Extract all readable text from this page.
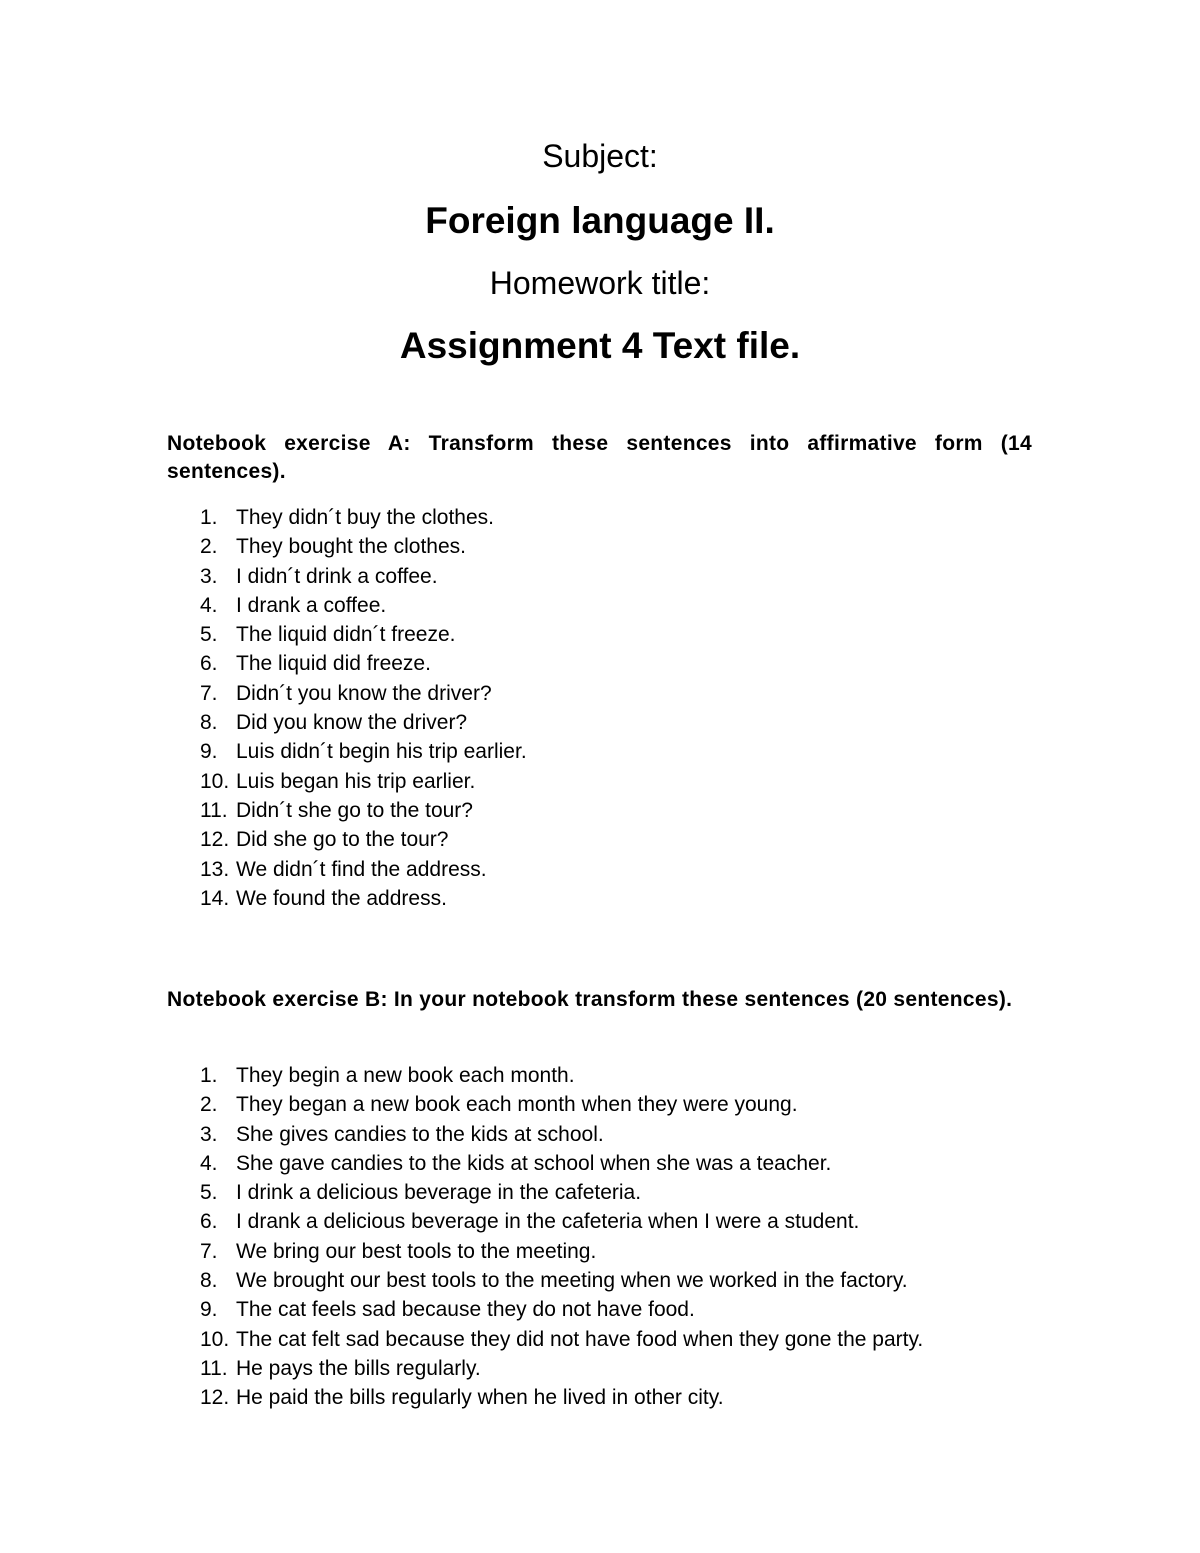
Subject:
Foreign language II.
Homework title:
Assignment 4 Text file.
Notebook exercise A: Transform these sentences into affirmative form (14 sentences).
1. They didn´t buy the clothes.
2. They bought the clothes.
3. I didn´t drink a coffee.
4. I drank a coffee.
5. The liquid didn´t freeze.
6. The liquid did freeze.
7. Didn´t you know the driver?
8. Did you know the driver?
9. Luis didn´t begin his trip earlier.
10. Luis began his trip earlier.
11. Didn´t she go to the tour?
12. Did she go to the tour?
13. We didn´t find the address.
14. We found the address.
Notebook exercise B: In your notebook transform these sentences (20 sentences).
1. They begin a new book each month.
2. They began a new book each month when they were young.
3. She gives candies to the kids at school.
4. She gave candies to the kids at school when she was a teacher.
5. I drink a delicious beverage in the cafeteria.
6. I drank a delicious beverage in the cafeteria when I were a student.
7. We bring our best tools to the meeting.
8. We brought our best tools to the meeting when we worked in the factory.
9. The cat feels sad because they do not have food.
10. The cat felt sad because they did not have food when they gone the party.
11. He pays the bills regularly.
12. He paid the bills regularly when he lived in other city.
